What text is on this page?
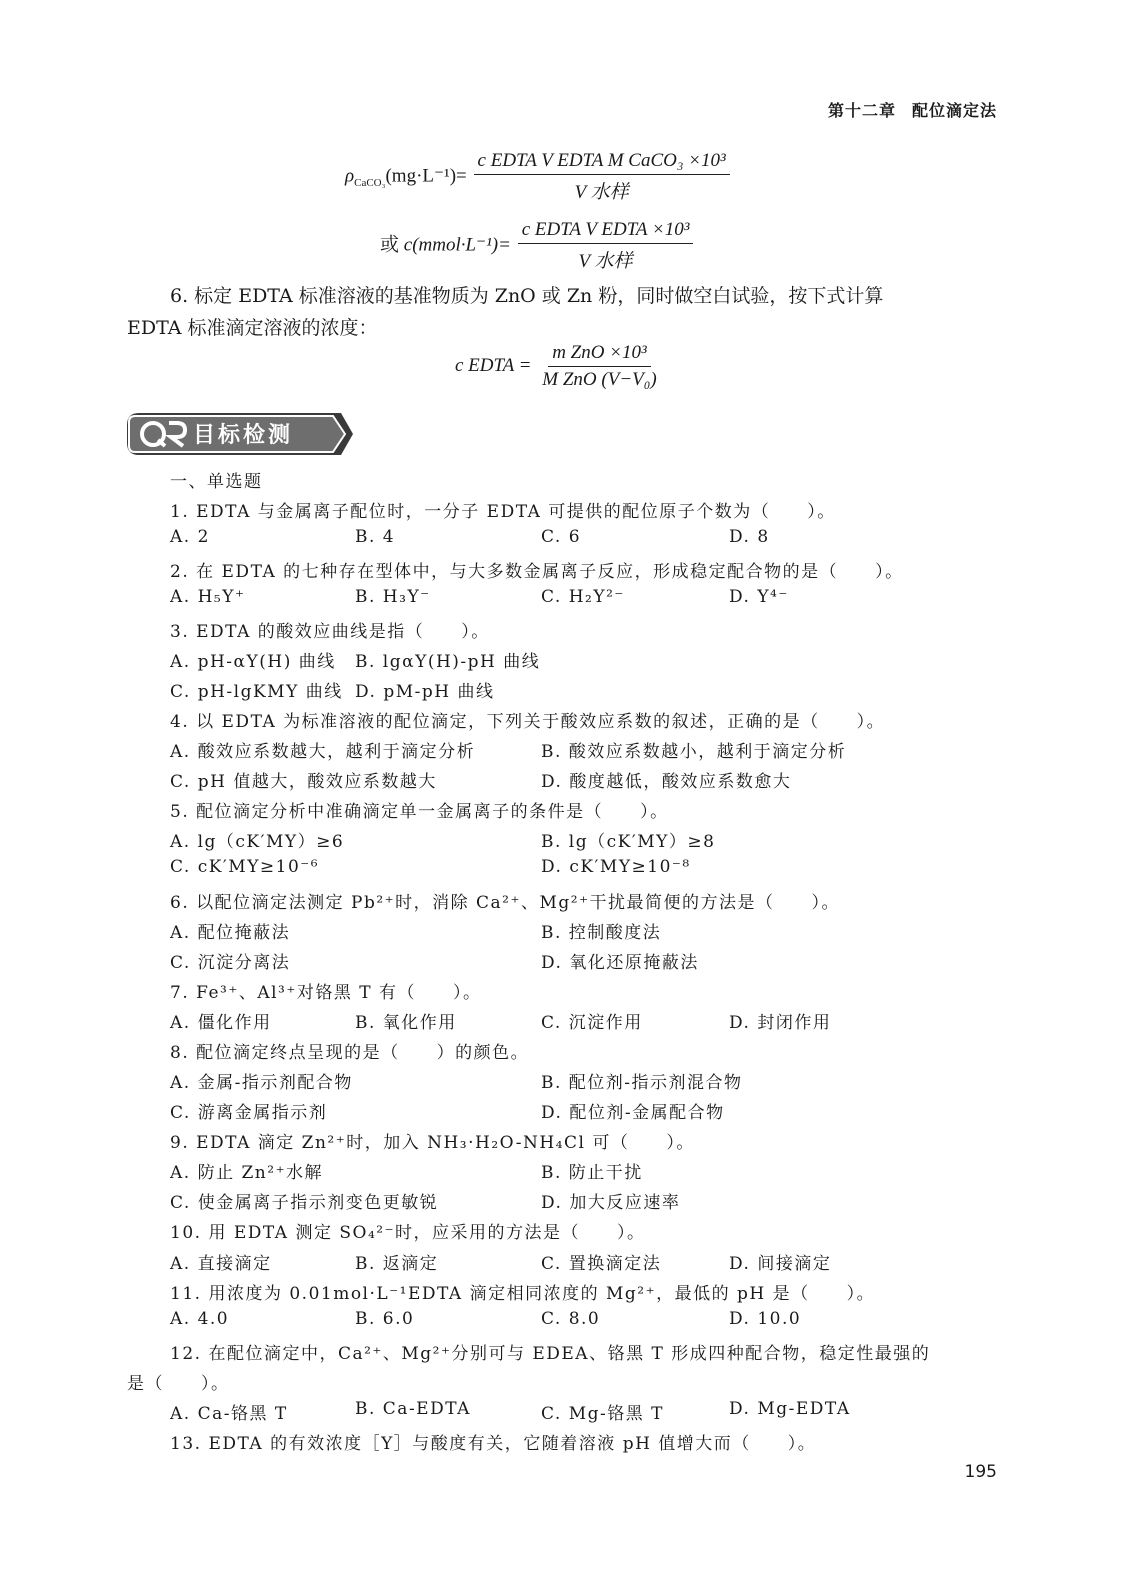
第十二章 配位滴定法
$\rho_{CaCO_3}(mg\cdot L^{-1})= \frac{\text{c EDTA V EDTA M CaCO₃ ×10³}}{\text{V 水样}}$
或 c(mmol·L⁻¹)= $\frac{\text{c EDTA V EDTA ×10³}}{\text{V 水样}}$
6. 标定 EDTA 标准溶液的基准物质为 ZnO 或 Zn 粉，同时做空白试验，按下式计算
EDTA 标准滴定溶液的浓度：
c EDTA = $\frac{\text{m ZnO ×10³}}{\text{M ZnO (V−V₀)}}$
目标检测
一、单选题
1. EDTA 与金属离子配位时，一分子 EDTA 可提供的配位原子个数为（　　）。
A. 2	B. 4	C. 6	D. 8
2. 在 EDTA 的七种存在型体中，与大多数金属离子反应，形成稳定配合物的是（　　）。
A. H₅Y⁺	B. H₃Y⁻	C. H₂Y²⁻	D. Y⁴⁻
3. EDTA 的酸效应曲线是指（　　）。
A. pH-αY(H) 曲线 B. lgαY(H)-pH 曲线
C. pH-lgKMY 曲线 D. pM-pH 曲线
4. 以 EDTA 为标准溶液的配位滴定，下列关于酸效应系数的叙述，正确的是（　　）。
A. 酸效应系数越大，越利于滴定分析	B. 酸效应系数越小，越利于滴定分析
C. pH 值越大，酸效应系数越大	D. 酸度越低，酸效应系数愈大
5. 配位滴定分析中准确滴定单一金属离子的条件是（　　）。
A. lg（cK′MY）≥6	B. lg（cK′MY）≥8
C. cK′MY≥10⁻⁶	D. cK′MY≥10⁻⁸
6. 以配位滴定法测定 Pb²⁺时，消除 Ca²⁺、Mg²⁺干扰最简便的方法是（　　）。
A. 配位掩蔽法	B. 控制酸度法
C. 沉淀分离法	D. 氧化还原掩蔽法
7. Fe³⁺、Al³⁺对铬黑 T 有（　　）。
A. 僵化作用	B. 氧化作用	C. 沉淀作用	D. 封闭作用
8. 配位滴定终点呈现的是（　　）的颜色。
A. 金属-指示剂配合物	B. 配位剂-指示剂混合物
C. 游离金属指示剂	D. 配位剂-金属配合物
9. EDTA 滴定 Zn²⁺时，加入 NH₃·H₂O-NH₄Cl 可（　　）。
A. 防止 Zn²⁺水解	B. 防止干扰
C. 使金属离子指示剂变色更敏锐	D. 加大反应速率
10. 用 EDTA 测定 SO₄²⁻时，应采用的方法是（　　）。
A. 直接滴定	B. 返滴定	C. 置换滴定法	D. 间接滴定
11. 用浓度为 0.01mol·L⁻¹EDTA 滴定相同浓度的 Mg²⁺，最低的 pH 是（　　）。
A. 4.0	B. 6.0	C. 8.0	D. 10.0
12. 在配位滴定中，Ca²⁺、Mg²⁺分别可与 EDEA、铬黑 T 形成四种配合物，稳定性最强的
是（　　）。
A. Ca-铬黑 T	B. Ca-EDTA	C. Mg-铬黑 T	D. Mg-EDTA
13. EDTA 的有效浓度［Y］与酸度有关，它随着溶液 pH 值增大而（　　）。
195
